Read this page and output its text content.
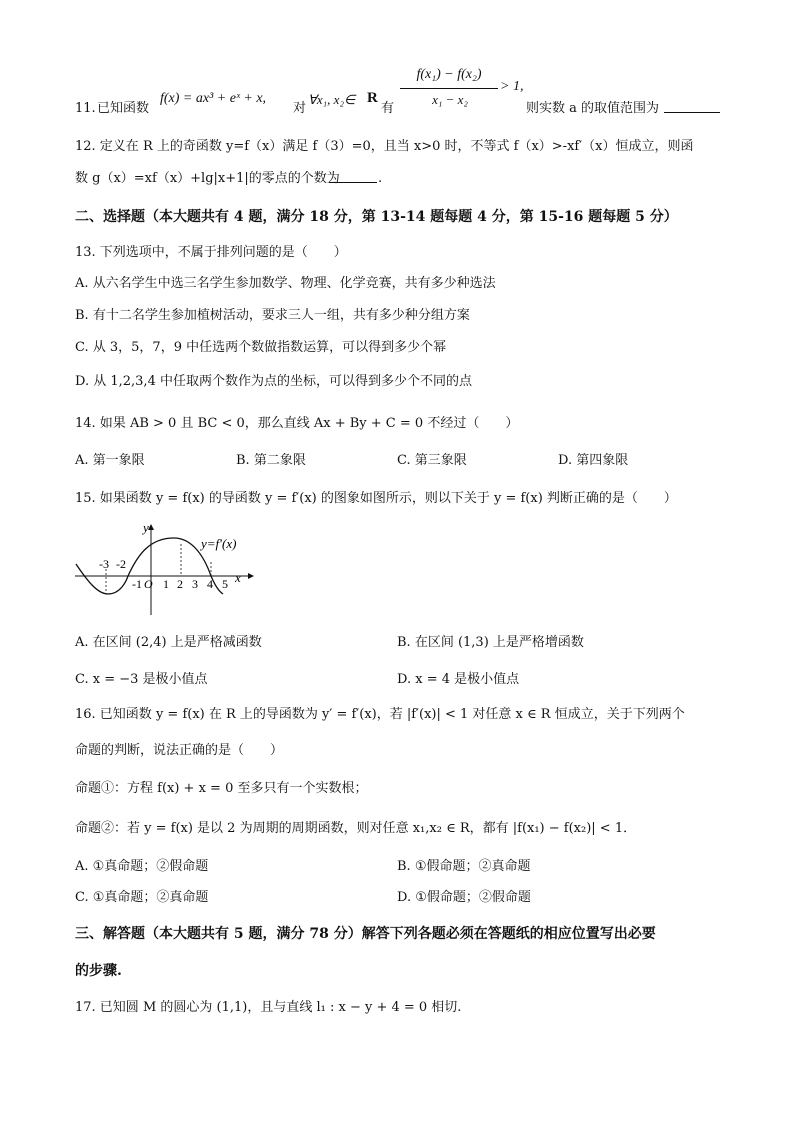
11. 已知函数
f(x) = ax³ + eˣ + x,
对
∀x₁, x₂∈ R
有
f(x₁) − f(x₂)
x₁ − x₂
> 1,
则实数 a 的取值范围为
12. 定义在 R 上的奇函数 y=f（x）满足 f（3）=0，且当 x>0 时，不等式 f（x）>-xf′（x）恒成立，则函
数 g（x）=xf（x）+lg|x+1|的零点的个数为	.
二、选择题（本大题共有 4 题，满分 18 分，第 13-14 题每题 4 分，第 15-16 题每题 5 分）
13. 下列选项中，不属于排列问题的是（　　）
A. 从六名学生中选三名学生参加数学、物理、化学竞赛，共有多少种选法
B. 有十二名学生参加植树活动，要求三人一组，共有多少种分组方案
C. 从 3，5，7，9 中任选两个数做指数运算，可以得到多少个幂
D. 从 1,2,3,4 中任取两个数作为点的坐标，可以得到多少个不同的点
14. 如果 AB > 0 且 BC < 0，那么直线 Ax + By + C = 0 不经过（　　）
A. 第一象限	B. 第二象限	C. 第三象限	D. 第四象限
15. 如果函数 y = f(x) 的导函数 y = f′(x) 的图象如图所示，则以下关于 y = f(x) 判断正确的是（　　）
y
x
y=f′(x)
-3 -2
-1 O 1 2 3 4 5
A. 在区间 (2,4) 上是严格减函数	B. 在区间 (1,3) 上是严格增函数
C. x = −3 是极小值点	D. x = 4 是极小值点
16. 已知函数 y = f(x) 在 R 上的导函数为 y′ = f′(x)，若 |f′(x)| < 1 对任意 x ∈ R 恒成立，关于下列两个
命题的判断，说法正确的是（　　）
命题①：方程 f(x) + x = 0 至多只有一个实数根；
命题②：若 y = f(x) 是以 2 为周期的周期函数，则对任意 x₁,x₂ ∈ R，都有 |f(x₁) − f(x₂)| < 1．
A. ①真命题；②假命题	B. ①假命题；②真命题
C. ①真命题；②真命题	D. ①假命题；②假命题
三、解答题（本大题共有 5 题，满分 78 分）解答下列各题必须在答题纸的相应位置写出必要
的步骤.
17. 已知圆 M 的圆心为 (1,1)，且与直线 l₁ : x − y + 4 = 0 相切.
